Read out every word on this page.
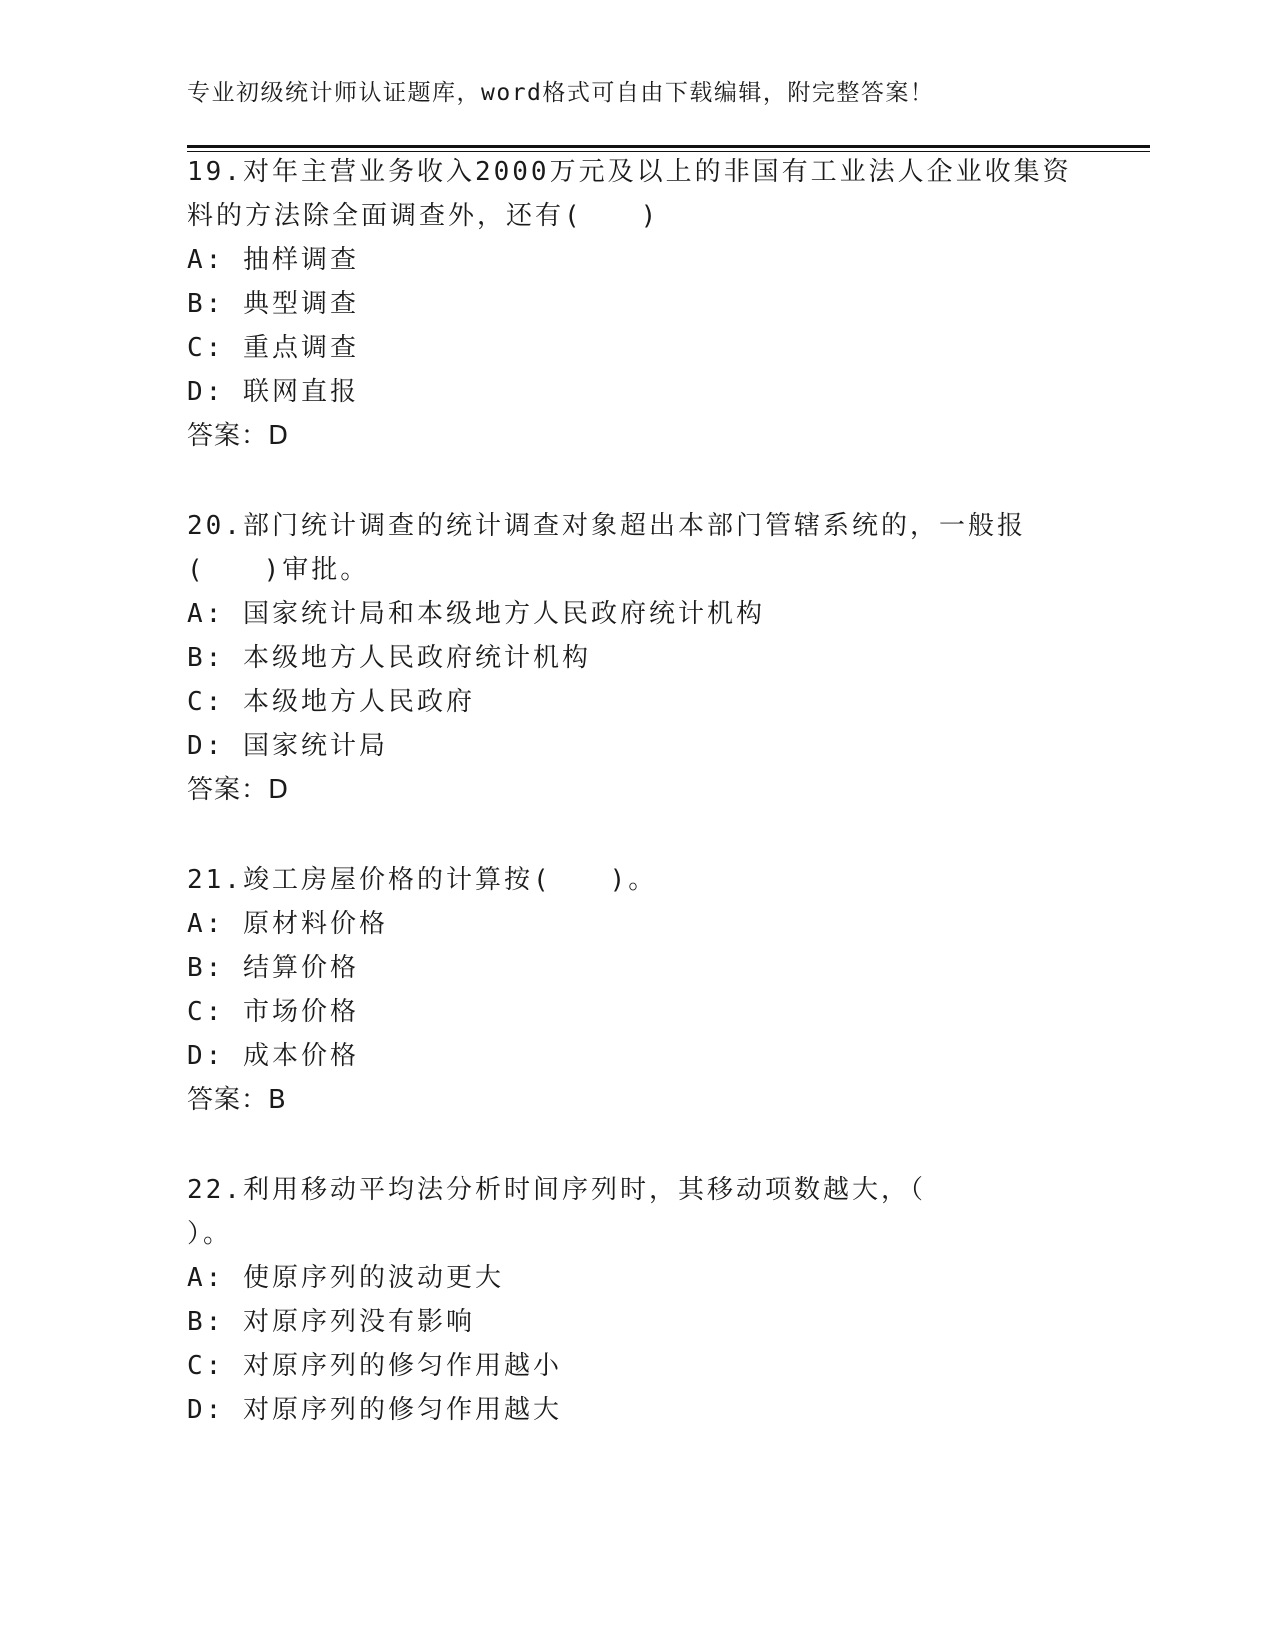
专业初级统计师认证题库，word格式可自由下载编辑，附完整答案！
19.对年主营业务收入2000万元及以上的非国有工业法人企业收集资
料的方法除全面调查外，还有(　　)
A: 抽样调查
B: 典型调查
C: 重点调查
D: 联网直报
答案：D
20.部门统计调查的统计调查对象超出本部门管辖系统的，一般报
(　　)审批。
A: 国家统计局和本级地方人民政府统计机构
B: 本级地方人民政府统计机构
C: 本级地方人民政府
D: 国家统计局
答案：D
21.竣工房屋价格的计算按(　　)。
A: 原材料价格
B: 结算价格
C: 市场价格
D: 成本价格
答案：B
22.利用移动平均法分析时间序列时，其移动项数越大，（
）。
A: 使原序列的波动更大
B: 对原序列没有影响
C: 对原序列的修匀作用越小
D: 对原序列的修匀作用越大
